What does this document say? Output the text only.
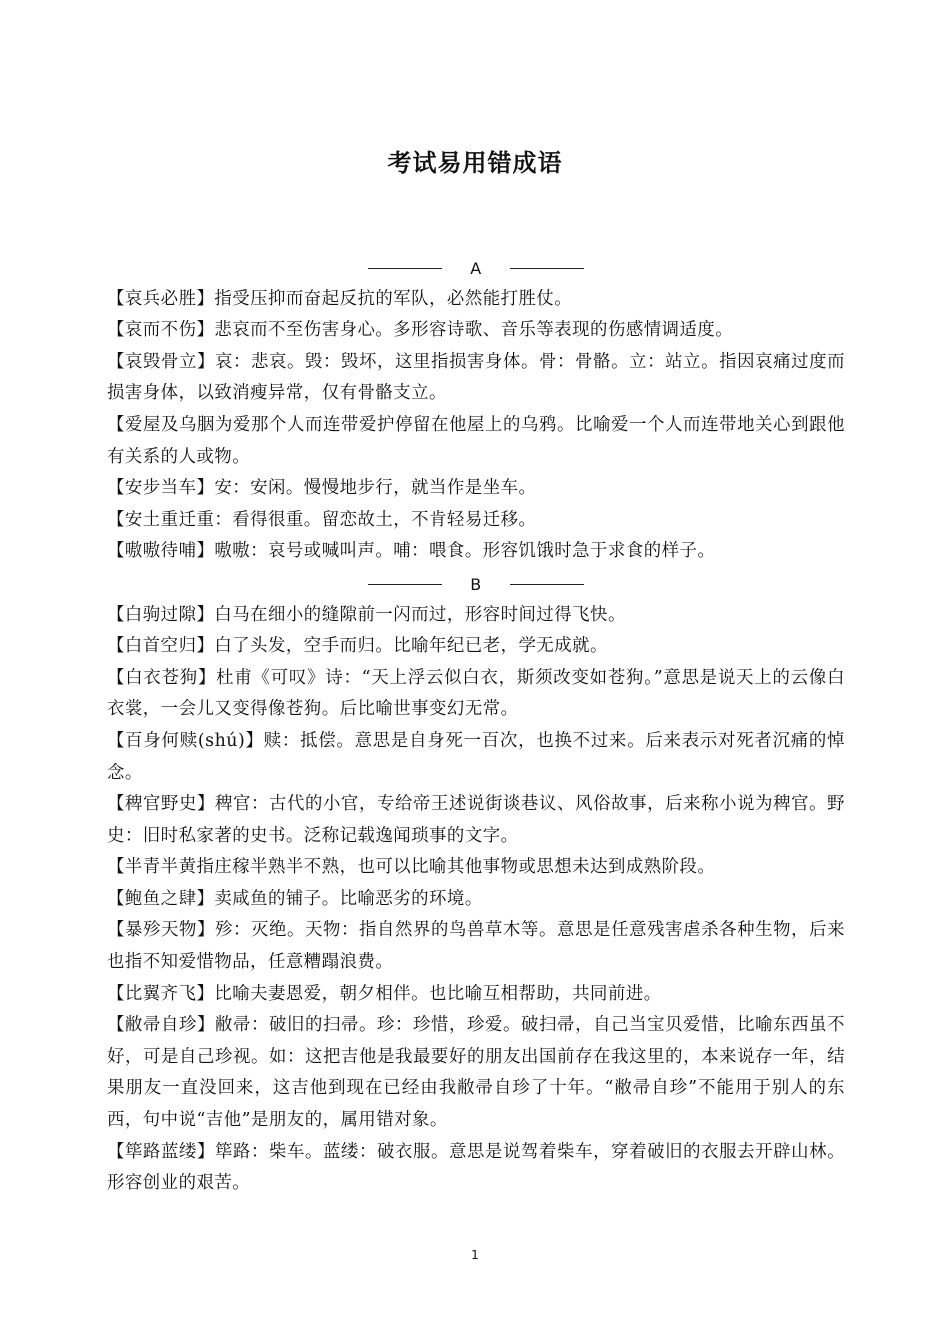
考试易用错成语
A

【哀兵必胜】指受压抑而奋起反抗的军队，必然能打胜仗。

【哀而不伤】悲哀而不至伤害身心。多形容诗歌、音乐等表现的伤感情调适度。

【哀毁骨立】哀：悲哀。毁：毁坏，这里指损害身体。骨：骨骼。立：站立。指因哀痛过度而损害身体，以致消瘦异常，仅有骨骼支立。

【爱屋及乌胭为爱那个人而连带爱护停留在他屋上的乌鸦。比喻爱一个人而连带地关心到跟他有关系的人或物。

【安步当车】安：安闲。慢慢地步行，就当作是坐车。

【安土重迁重：看得很重。留恋故土，不肯轻易迁移。

【嗷嗷待哺】嗷嗷：哀号或喊叫声。哺：喂食。形容饥饿时急于求食的样子。

B

【白驹过隙】白马在细小的缝隙前一闪而过，形容时间过得飞快。

【白首空归】白了头发，空手而归。比喻年纪已老，学无成就。

【白衣苍狗】杜甫《可叹》诗：“天上浮云似白衣，斯须改变如苍狗。”意思是说天上的云像白衣裳，一会儿又变得像苍狗。后比喻世事变幻无常。

【百身何赎(shú)】赎：抵偿。意思是自身死一百次，也换不过来。后来表示对死者沉痛的悼念。

【稗官野史】稗官：古代的小官，专给帝王述说街谈巷议、风俗故事，后来称小说为稗官。野史：旧时私家著的史书。泛称记载逸闻琐事的文字。

【半青半黄指庄稼半熟半不熟，也可以比喻其他事物或思想未达到成熟阶段。

【鲍鱼之肆】卖咸鱼的铺子。比喻恶劣的环境。

【暴殄天物】殄：灭绝。天物：指自然界的鸟兽草木等。意思是任意残害虐杀各种生物，后来也指不知爱惜物品，任意糟蹋浪费。

【比翼齐飞】比喻夫妻恩爱，朝夕相伴。也比喻互相帮助，共同前进。

【敝帚自珍】敝帚：破旧的扫帚。珍：珍惜，珍爱。破扫帚，自己当宝贝爱惜，比喻东西虽不好，可是自己珍视。如：这把吉他是我最要好的朋友出国前存在我这里的，本来说存一年，结果朋友一直没回来，这吉他到现在已经由我敝帚自珍了十年。“敝帚自珍”不能用于别人的东西，句中说“吉他”是朋友的，属用错对象。

【筚路蓝缕】筚路：柴车。蓝缕：破衣服。意思是说驾着柴车，穿着破旧的衣服去开辟山林。形容创业的艰苦。

1
